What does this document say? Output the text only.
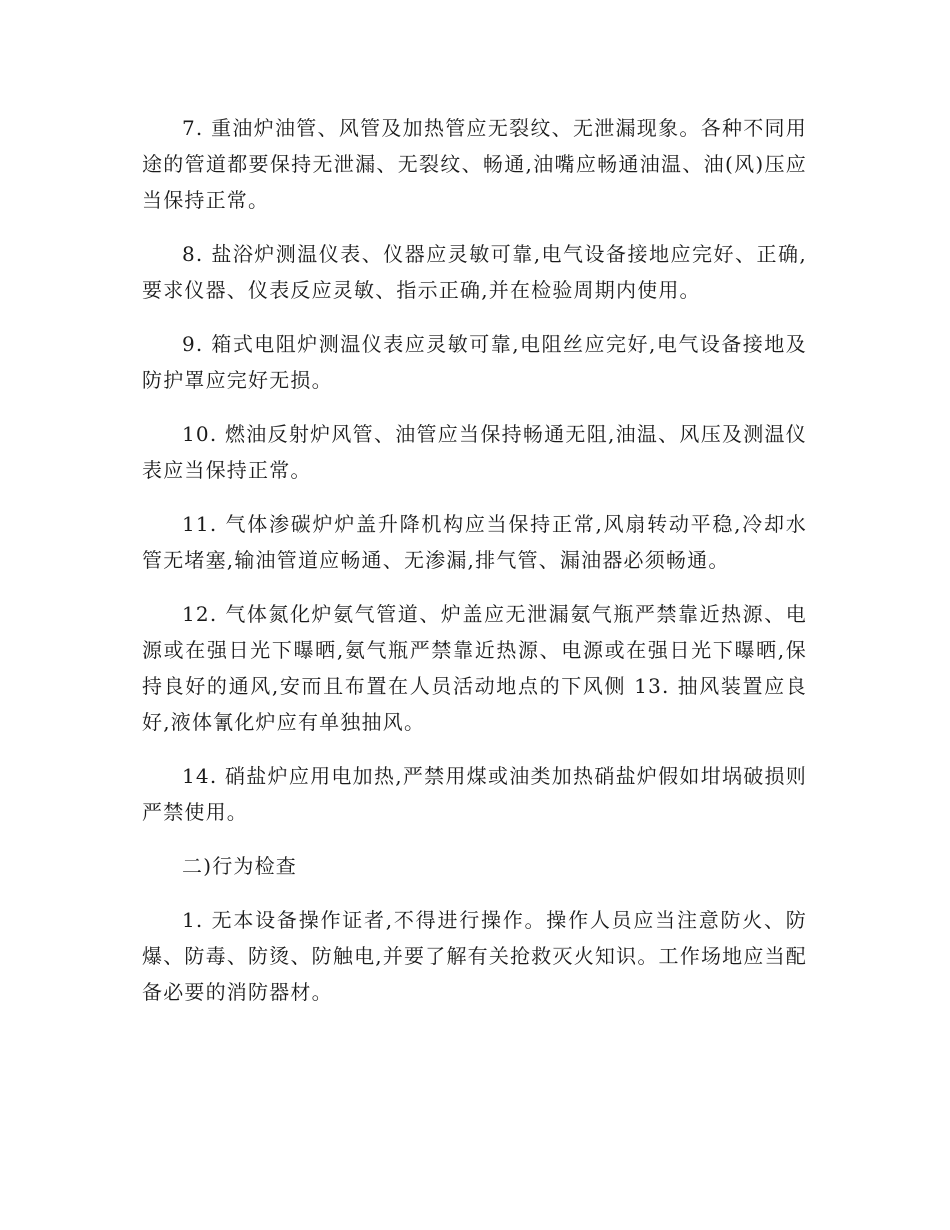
7. 重油炉油管、风管及加热管应无裂纹、无泄漏现象。各种不同用途的管道都要保持无泄漏、无裂纹、畅通,油嘴应畅通油温、油(风)压应当保持正常。

8. 盐浴炉测温仪表、仪器应灵敏可靠,电气设备接地应完好、正确,要求仪器、仪表反应灵敏、指示正确,并在检验周期内使用。

9. 箱式电阻炉测温仪表应灵敏可靠,电阻丝应完好,电气设备接地及防护罩应完好无损。

10. 燃油反射炉风管、油管应当保持畅通无阻,油温、风压及测温仪表应当保持正常。

11. 气体渗碳炉炉盖升降机构应当保持正常,风扇转动平稳,冷却水管无堵塞,输油管道应畅通、无渗漏,排气管、漏油器必须畅通。

12. 气体氮化炉氨气管道、炉盖应无泄漏氨气瓶严禁靠近热源、电源或在强日光下曝晒,氨气瓶严禁靠近热源、电源或在强日光下曝晒,保持良好的通风,安而且布置在人员活动地点的下风侧 13. 抽风装置应良好,液体氰化炉应有单独抽风。

14. 硝盐炉应用电加热,严禁用煤或油类加热硝盐炉假如坩埚破损则严禁使用。

二)行为检查

1. 无本设备操作证者,不得进行操作。操作人员应当注意防火、防爆、防毒、防烫、防触电,并要了解有关抢救灭火知识。工作场地应当配备必要的消防器材。
